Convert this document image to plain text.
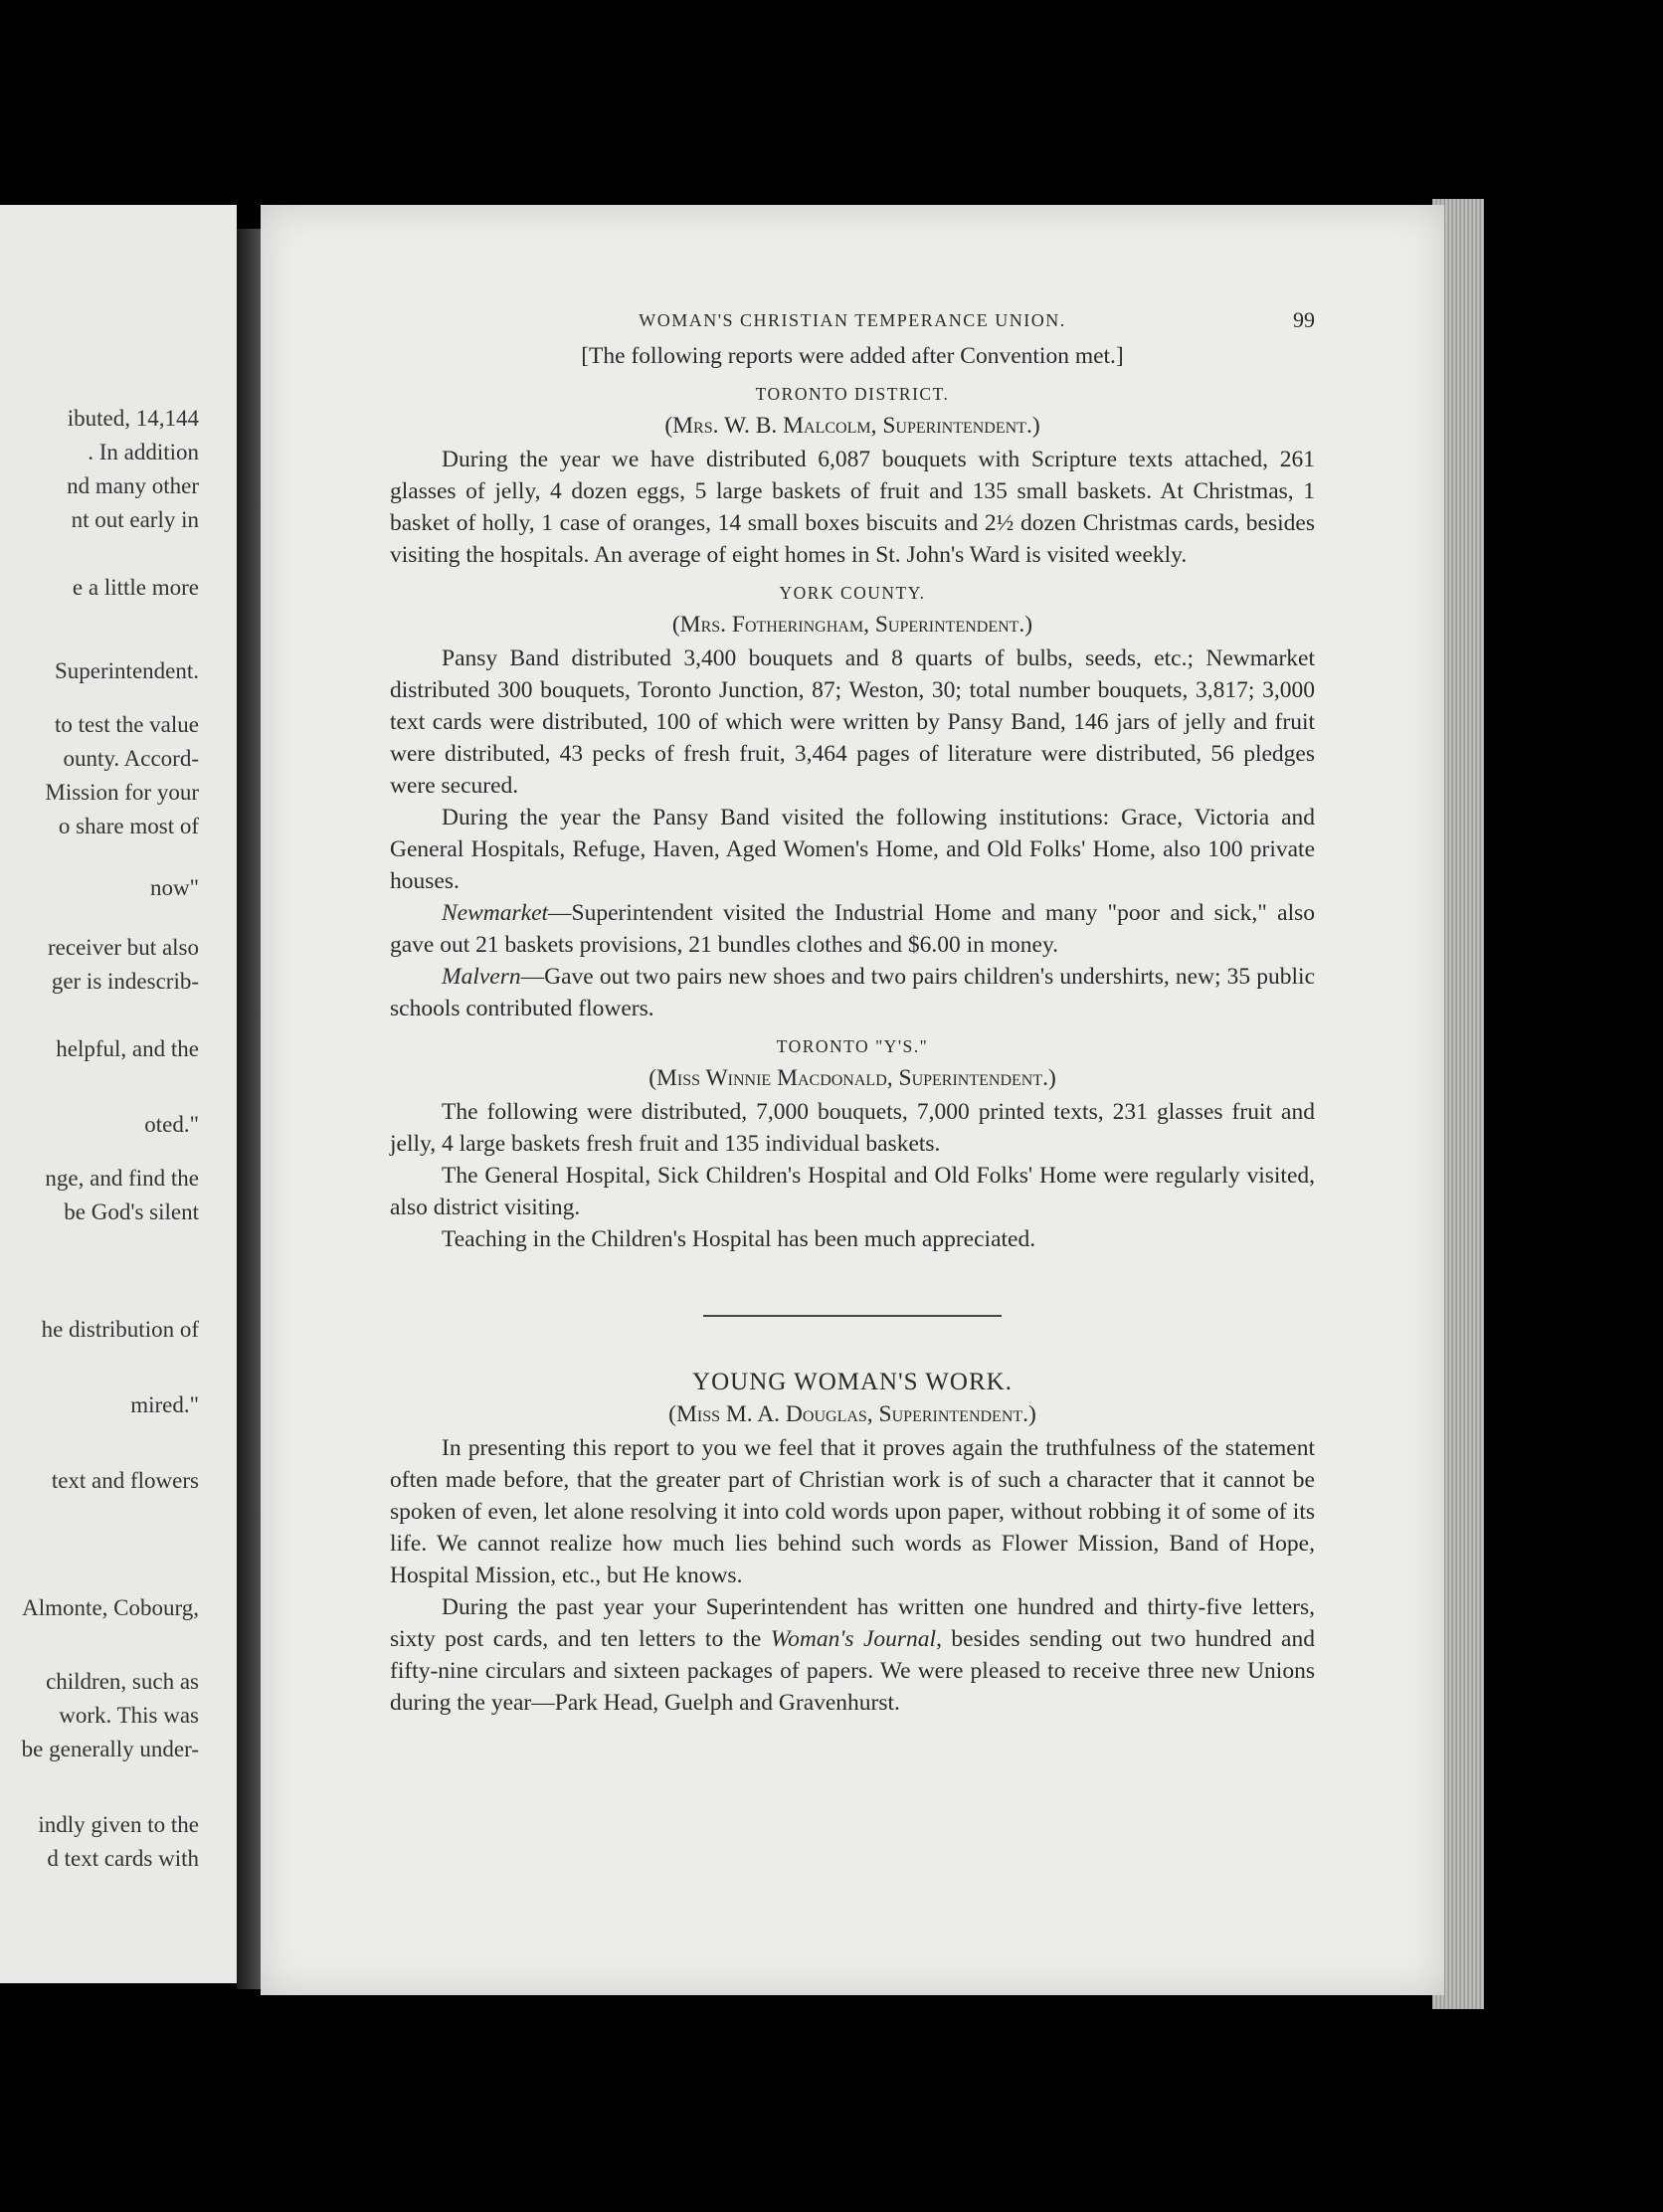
ibuted, 14,144
. In addition
nd many other
nt out early in
e a little more
Superintendent.
to test the value
ounty. Accord-
Mission for your
o share most of
now"
receiver but also
ger is indescrib-
helpful, and the
oted."
nge, and find the
be God's silent
he distribution of
mired."
text and flowers
Almonte, Cobourg,
children, such as
work. This was
be generally under-
indly given to the
d text cards with
WOMAN'S CHRISTIAN TEMPERANCE UNION.	99
[The following reports were added after Convention met.]
TORONTO DISTRICT.
(Mrs. W. B. Malcolm, Superintendent.)

During the year we have distributed 6,087 bouquets with Scripture texts attached, 261 glasses of jelly, 4 dozen eggs, 5 large baskets of fruit and 135 small baskets. At Christmas, 1 basket of holly, 1 case of oranges, 14 small boxes biscuits and 2½ dozen Christmas cards, besides visiting the hospitals. An average of eight homes in St. John's Ward is visited weekly.

YORK COUNTY.
(Mrs. Fotheringham, Superintendent.)

Pansy Band distributed 3,400 bouquets and 8 quarts of bulbs, seeds, etc.; Newmarket distributed 300 bouquets, Toronto Junction, 87; Weston, 30; total number bouquets, 3,817; 3,000 text cards were distributed, 100 of which were written by Pansy Band, 146 jars of jelly and fruit were distributed, 43 pecks of fresh fruit, 3,464 pages of literature were distributed, 56 pledges were secured.

During the year the Pansy Band visited the following institutions: Grace, Victoria and General Hospitals, Refuge, Haven, Aged Women's Home, and Old Folks' Home, also 100 private houses.

Newmarket—Superintendent visited the Industrial Home and many "poor and sick," also gave out 21 baskets provisions, 21 bundles clothes and $6.00 in money.

Malvern—Gave out two pairs new shoes and two pairs children's undershirts, new; 35 public schools contributed flowers.

TORONTO "Y'S."
(Miss Winnie Macdonald, Superintendent.)

The following were distributed, 7,000 bouquets, 7,000 printed texts, 231 glasses fruit and jelly, 4 large baskets fresh fruit and 135 individual baskets.

The General Hospital, Sick Children's Hospital and Old Folks' Home were regularly visited, also district visiting.

Teaching in the Children's Hospital has been much appreciated.

YOUNG WOMAN'S WORK.
(Miss M. A. Douglas, Superintendent.)

In presenting this report to you we feel that it proves again the truthfulness of the statement often made before, that the greater part of Christian work is of such a character that it cannot be spoken of even, let alone resolving it into cold words upon paper, without robbing it of some of its life. We cannot realize how much lies behind such words as Flower Mission, Band of Hope, Hospital Mission, etc., but He knows.

During the past year your Superintendent has written one hundred and thirty-five letters, sixty post cards, and ten letters to the Woman's Journal, besides sending out two hundred and fifty-nine circulars and sixteen packages of papers. We were pleased to receive three new Unions during the year—Park Head, Guelph and Gravenhurst.
